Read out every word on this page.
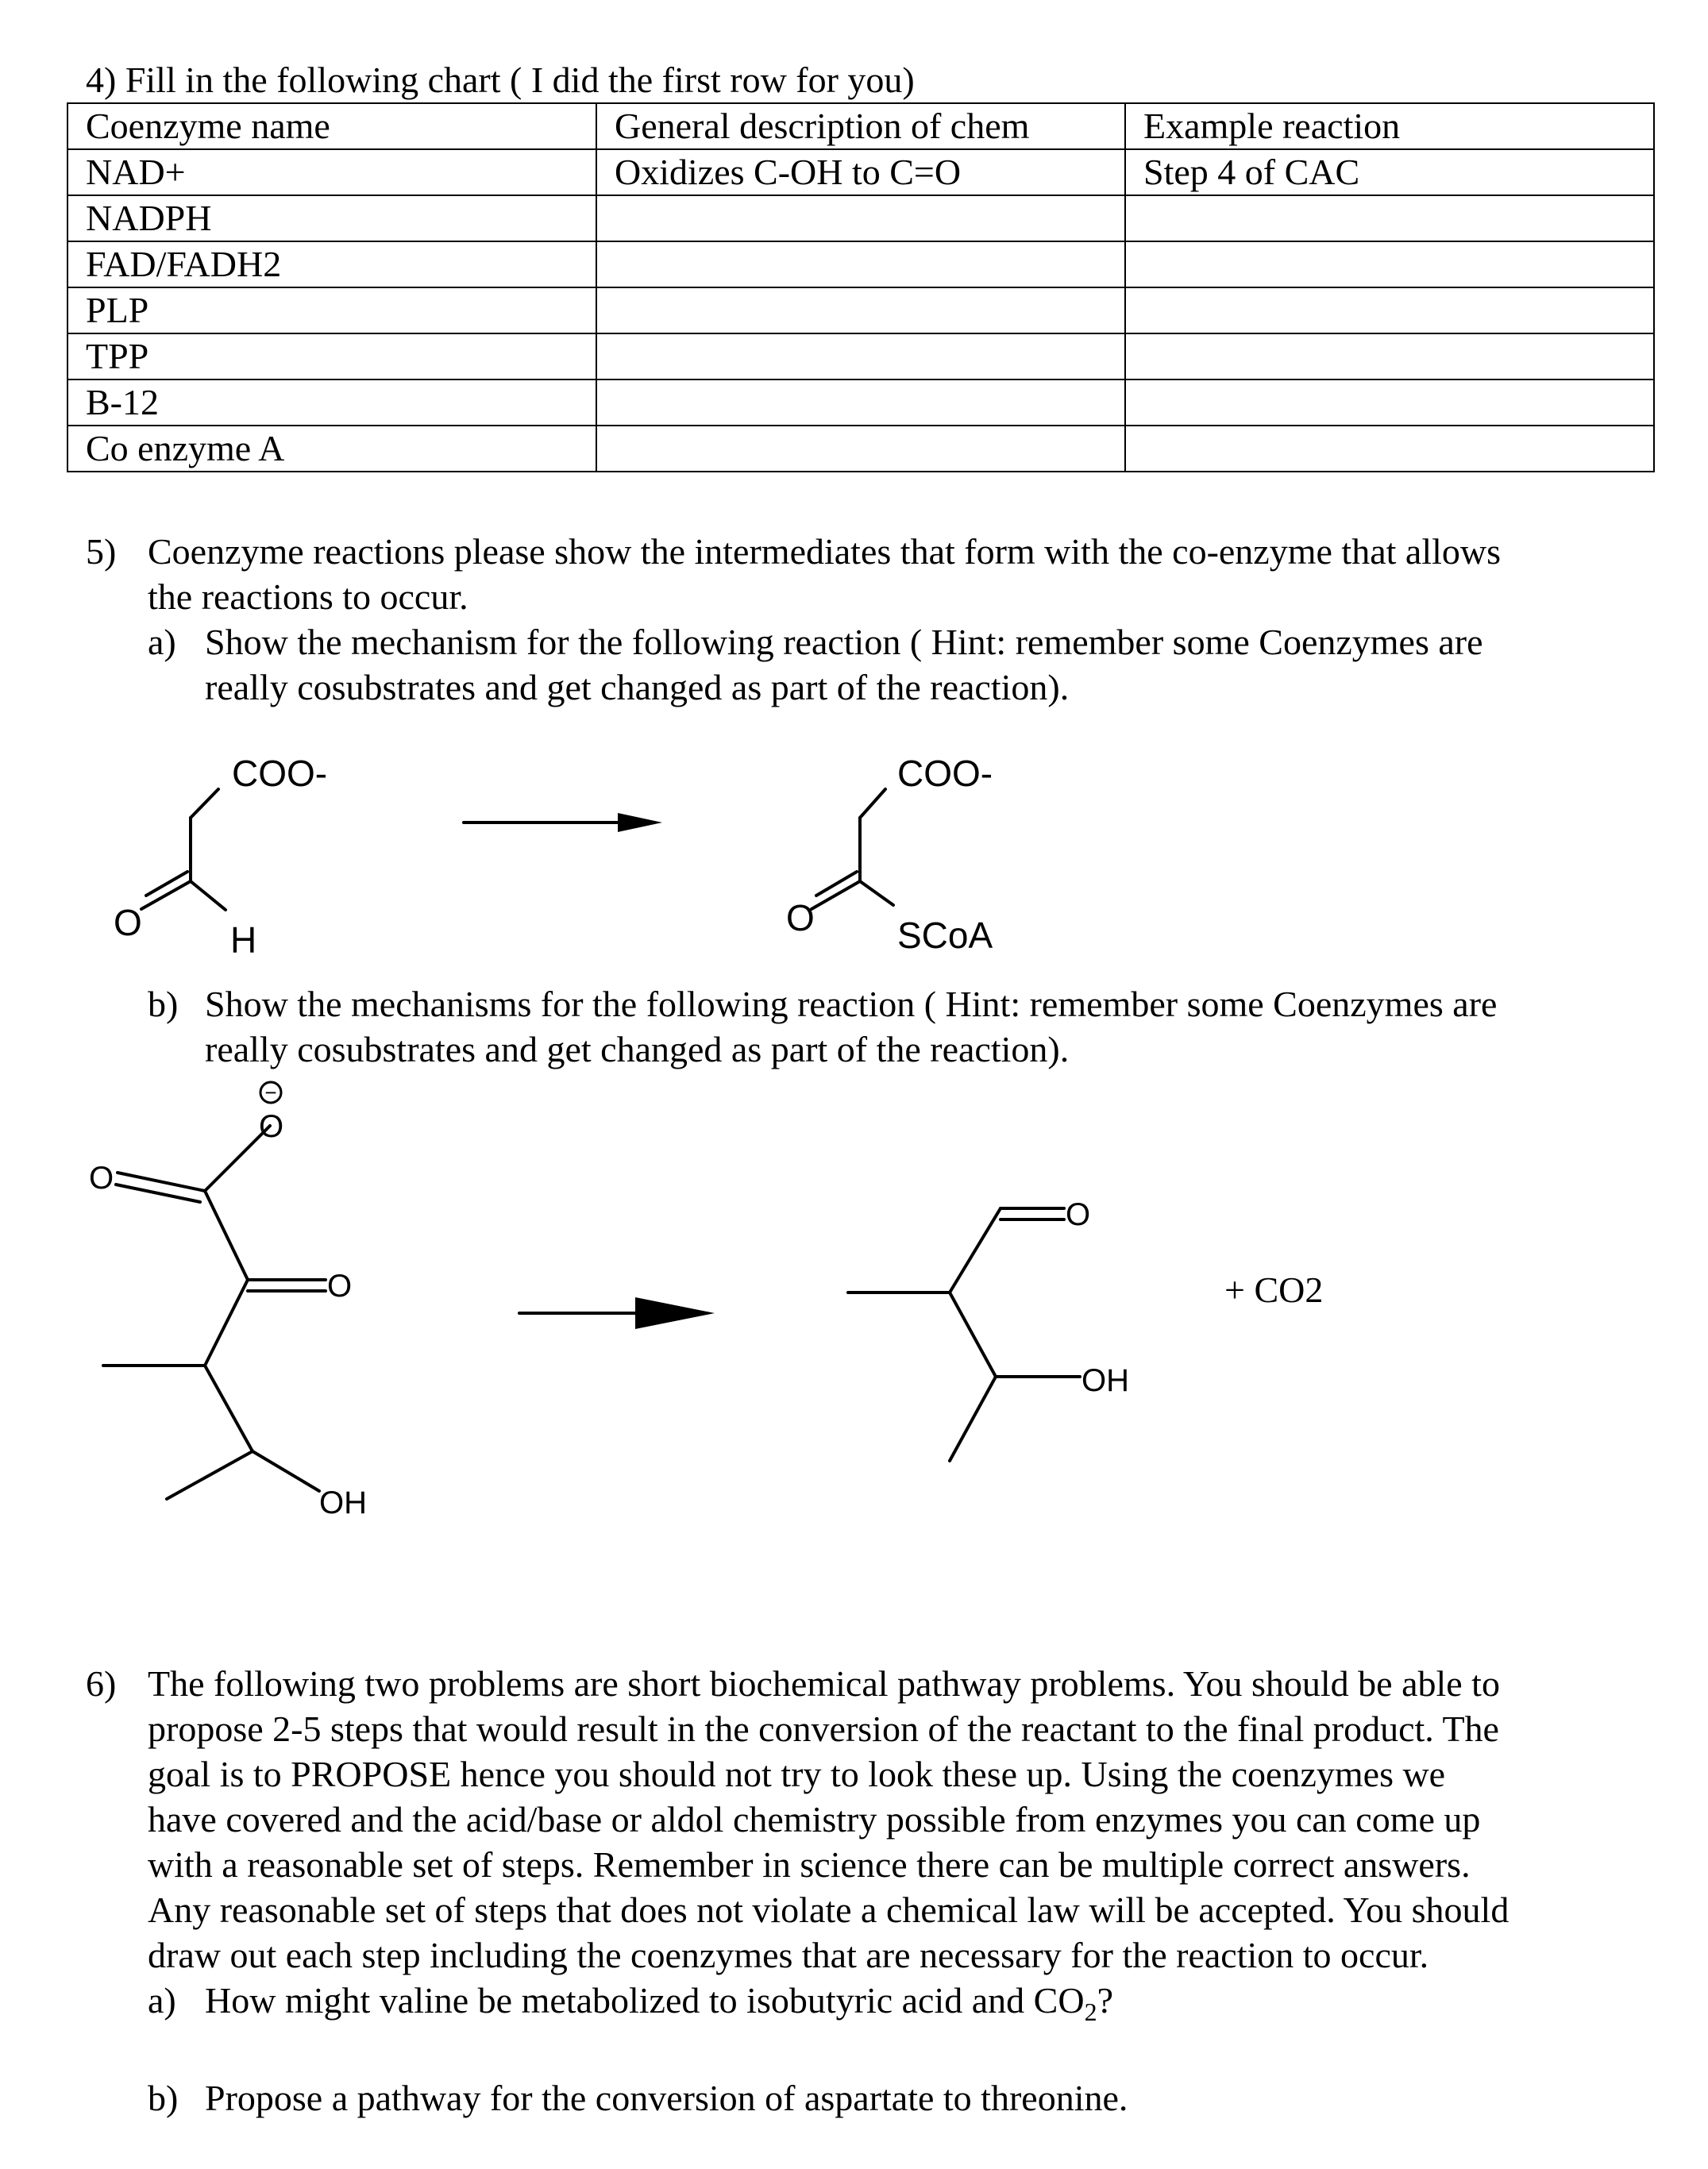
4) Fill in the following chart ( I did the first row for you)
Coenzyme name	General description of chem	Example reaction
NAD+	Oxidizes C-OH to C=O	Step 4 of CAC
NADPH		
FAD/FADH2		
PLP		
TPP		
B-12		
Co enzyme A		
5) Coenzyme reactions please show the intermediates that form with the co-enzyme that allows
the reactions to occur.
a) Show the mechanism for the following reaction ( Hint: remember some Coenzymes are
really cosubstrates and get changed as part of the reaction).
b) Show the mechanisms for the following reaction ( Hint: remember some Coenzymes are
really cosubstrates and get changed as part of the reaction).
COO-
O H
COO-
O SCoA
−
O
O
O
OH
O
OH
+ CO2
6) The following two problems are short biochemical pathway problems. You should be able to
propose 2-5 steps that would result in the conversion of the reactant to the final product. The
goal is to PROPOSE hence you should not try to look these up. Using the coenzymes we
have covered and the acid/base or aldol chemistry possible from enzymes you can come up
with a reasonable set of steps. Remember in science there can be multiple correct answers.
Any reasonable set of steps that does not violate a chemical law will be accepted. You should
draw out each step including the coenzymes that are necessary for the reaction to occur.
a) How might valine be metabolized to isobutyric acid and $CO_2$?
b) Propose a pathway for the conversion of aspartate to threonine.
